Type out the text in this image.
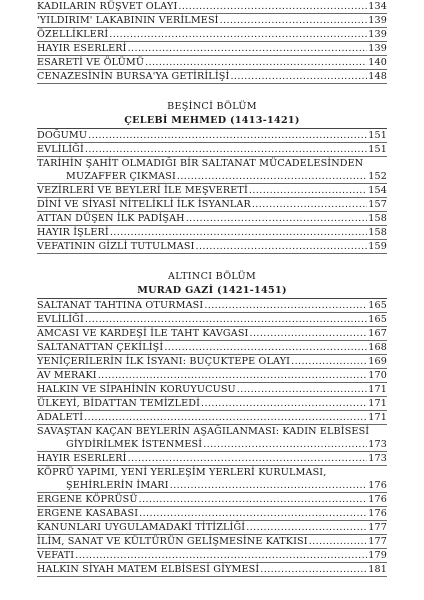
KADILARIN RÜŞVET OLAYI .....	134
'YILDIRIM' LAKABININ VERİLMESİ .....	139
ÖZELLİKLERİ .....	139
HAYIR ESERLERİ .....	139
ESARETİ VE ÖLÜMÜ .....	140
CENAZESİNİN BURSA'YA GETİRİLİŞİ .....	148
BEŞİNCİ BÖLÜM
ÇELEBİ MEHMED (1413-1421)
DOĞUMU .....	151
EVLİLİĞİ .....	151
TARİHİN ŞAHİT OLMADIĞI BİR SALTANAT MÜCADELESİNDEN
MUZAFFER ÇIKMASI .....	152
VEZİRLERİ VE BEYLERİ İLE MEŞVERETİ .....	154
DİNİ VE SİYASİ NİTELİKLİ İLK İSYANLAR .....	157
ATTAN DÜŞEN İLK PADİŞAH .....	158
HAYIR İŞLERİ .....	158
VEFATININ GİZLİ TUTULMASI .....	159
ALTINCI BÖLÜM
MURAD GAZİ (1421-1451)
SALTANAT TAHTINA OTURMASI .....	165
EVLİLİĞİ .....	165
AMCASI VE KARDEŞİ İLE TAHT KAVGASI .....	167
SALTANATTAN ÇEKİLİŞİ .....	168
YENİÇERİLERİN İLK İSYANI: BUÇUKTEPE OLAYI .....	169
AV MERAKI .....	170
HALKIN VE SİPAHİNİN KORUYUCUSU .....	171
ÜLKEYİ, BİDATTAN TEMİZLEDİ .....	171
ADALETİ .....	171
SAVAŞTAN KAÇAN BEYLERİN AŞAĞILANMASI: KADIN ELBİSESİ
GİYDİRİLMEK İSTENMESİ .....	173
HAYIR ESERLERİ .....	173
KÖPRÜ YAPIMI, YENİ YERLEŞİM YERLERİ KURULMASI,
ŞEHİRLERİN İMARI .....	176
ERGENE KÖPRÜSÜ .....	176
ERGENE KASABASI .....	176
KANUNLARI UYGULAMADAKİ TİTİZLİĞİ .....	177
İLİM, SANAT VE KÜLTÜRÜN GELİŞMESİNE KATKISI .....	177
VEFATI .....	179
HALKIN SİYAH MATEM ELBİSESİ GİYMESİ .....	181
